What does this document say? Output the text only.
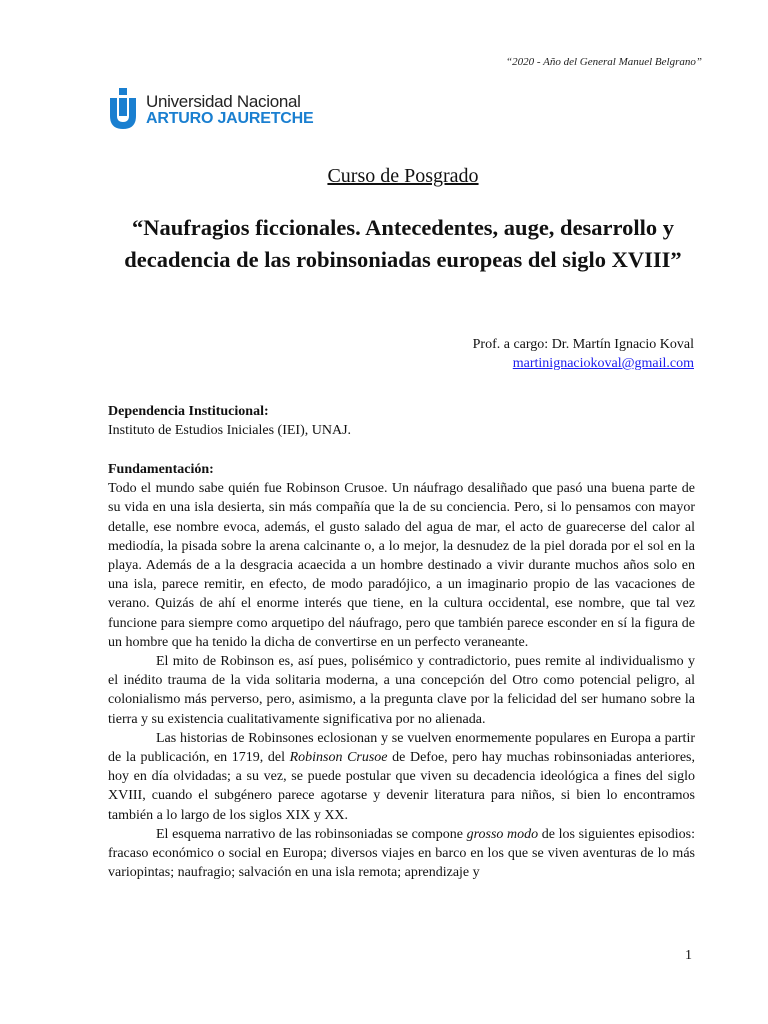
“2020 - Año del General Manuel Belgrano”
Universidad Nacional
ARTURO JAURETCHE
Curso de Posgrado
“Naufragios ficcionales. Antecedentes, auge, desarrollo y decadencia de las robinsoniadas europeas del siglo XVIII”
Prof. a cargo: Dr. Martín Ignacio Koval
martinignaciokoval@gmail.com
Dependencia Institucional:
Instituto de Estudios Iniciales (IEI), UNAJ.

Fundamentación:

Todo el mundo sabe quién fue Robinson Crusoe. Un náufrago desaliñado que pasó una buena parte de su vida en una isla desierta, sin más compañía que la de su conciencia. Pero, si lo pensamos con mayor detalle, ese nombre evoca, además, el gusto salado del agua de mar, el acto de guarecerse del calor al mediodía, la pisada sobre la arena calcinante o, a lo mejor, la desnudez de la piel dorada por el sol en la playa. Además de a la desgracia acaecida a un hombre destinado a vivir durante muchos años solo en una isla, parece remitir, en efecto, de modo paradójico, a un imaginario propio de las vacaciones de verano. Quizás de ahí el enorme interés que tiene, en la cultura occidental, ese nombre, que tal vez funcione para siempre como arquetipo del náufrago, pero que también parece esconder en sí la figura de un hombre que ha tenido la dicha de convertirse en un perfecto veraneante.

El mito de Robinson es, así pues, polisémico y contradictorio, pues remite al individualismo y el inédito trauma de la vida solitaria moderna, a una concepción del Otro como potencial peligro, al colonialismo más perverso, pero, asimismo, a la pregunta clave por la felicidad del ser humano sobre la tierra y su existencia cualitativamente significativa por no alienada.

Las historias de Robinsones eclosionan y se vuelven enormemente populares en Europa a partir de la publicación, en 1719, del Robinson Crusoe de Defoe, pero hay muchas robinsoniadas anteriores, hoy en día olvidadas; a su vez, se puede postular que viven su decadencia ideológica a fines del siglo XVIII, cuando el subgénero parece agotarse y devenir literatura para niños, si bien lo encontramos también a lo largo de los siglos XIX y XX.

El esquema narrativo de las robinsoniadas se compone grosso modo de los siguientes episodios: fracaso económico o social en Europa; diversos viajes en barco en los que se viven aventuras de lo más variopintas; naufragio; salvación en una isla remota; aprendizaje y

1
